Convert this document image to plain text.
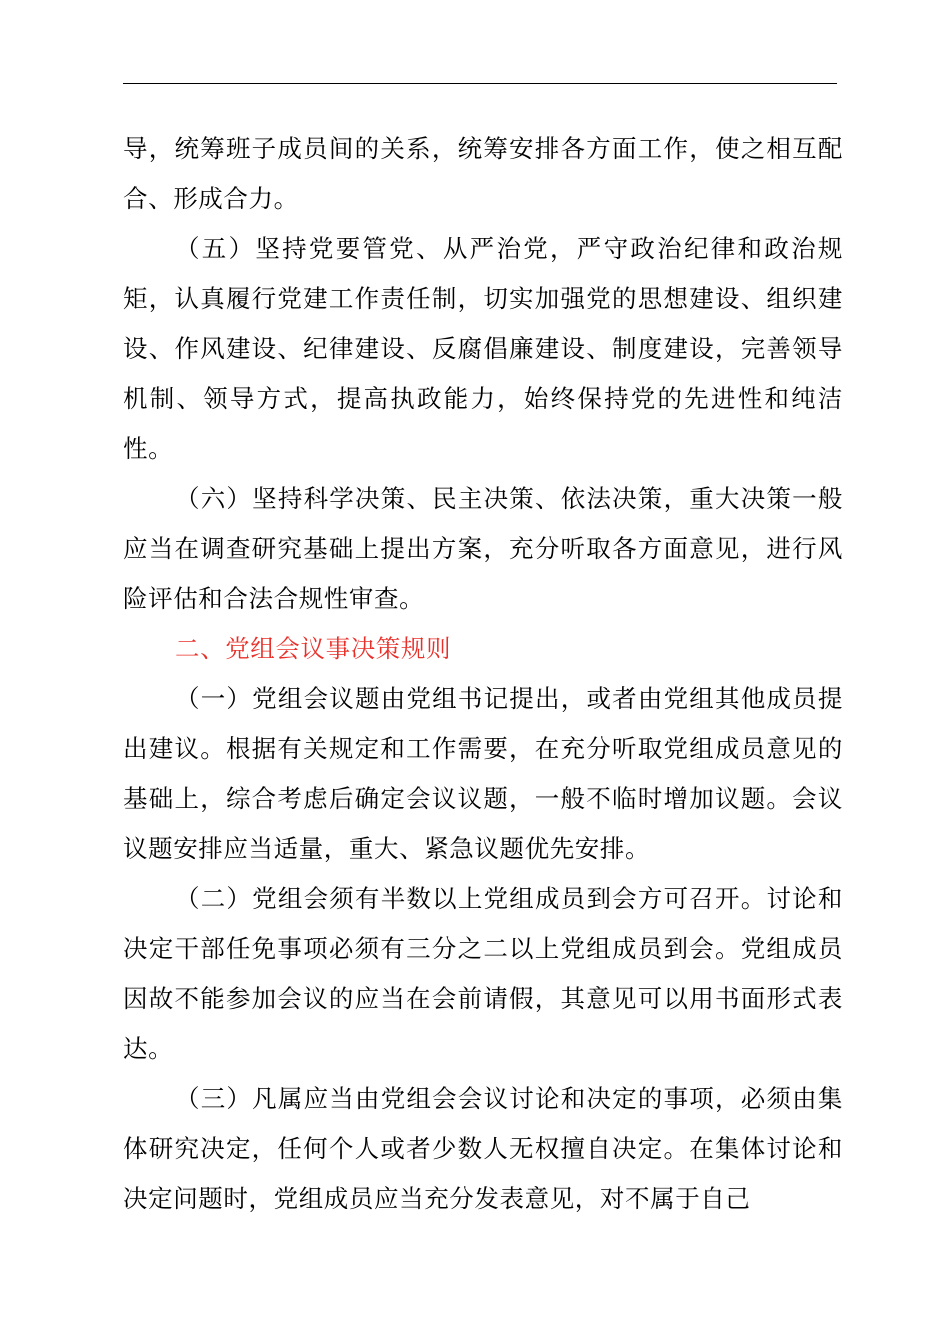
导，统筹班子成员间的关系，统筹安排各方面工作，使之相互配合、形成合力。

（五）坚持党要管党、从严治党，严守政治纪律和政治规矩，认真履行党建工作责任制，切实加强党的思想建设、组织建设、作风建设、纪律建设、反腐倡廉建设、制度建设，完善领导机制、领导方式，提高执政能力，始终保持党的先进性和纯洁性。

（六）坚持科学决策、民主决策、依法决策，重大决策一般应当在调查研究基础上提出方案，充分听取各方面意见，进行风险评估和合法合规性审查。

二、党组会议事决策规则

（一）党组会议题由党组书记提出，或者由党组其他成员提出建议。根据有关规定和工作需要，在充分听取党组成员意见的基础上，综合考虑后确定会议议题，一般不临时增加议题。会议议题安排应当适量，重大、紧急议题优先安排。

（二）党组会须有半数以上党组成员到会方可召开。讨论和决定干部任免事项必须有三分之二以上党组成员到会。党组成员因故不能参加会议的应当在会前请假，其意见可以用书面形式表达。

（三）凡属应当由党组会会议讨论和决定的事项，必须由集体研究决定，任何个人或者少数人无权擅自决定。在集体讨论和决定问题时，党组成员应当充分发表意见，对不属于自己
